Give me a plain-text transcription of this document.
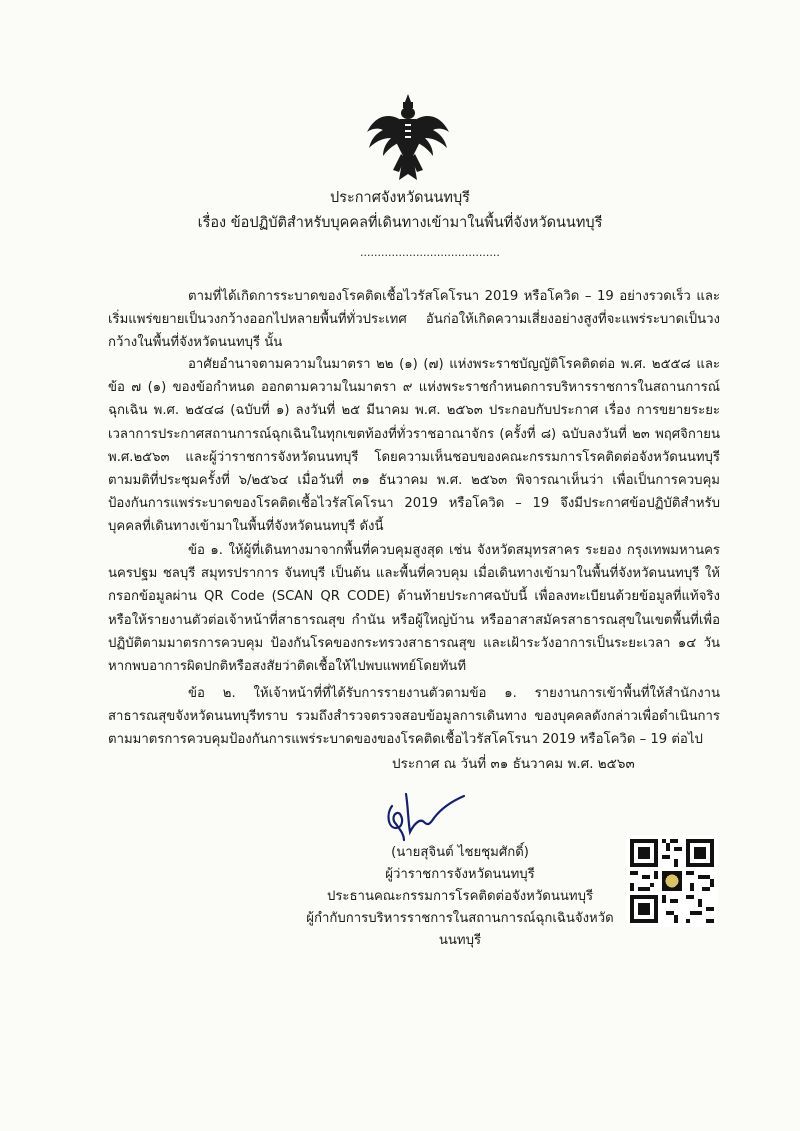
ประกาศจังหวัดนนทบุรี
เรื่อง ข้อปฏิบัติสำหรับบุคคลที่เดินทางเข้ามาในพื้นที่จังหวัดนนทบุรี
........................................
ตามที่ได้เกิดการระบาดของโรคติดเชื้อไวรัสโคโรนา 2019 หรือโควิด – 19 อย่างรวดเร็ว และเริ่มแพร่ขยายเป็นวงกว้างออกไปหลายพื้นที่ทั่วประเทศ อันก่อให้เกิดความเสี่ยงอย่างสูงที่จะแพร่ระบาดเป็นวงกว้างในพื้นที่จังหวัดนนทบุรี นั้น
อาศัยอำนาจตามความในมาตรา ๒๒ (๑) (๗) แห่งพระราชบัญญัติโรคติดต่อ พ.ศ. ๒๕๕๘ และข้อ ๗ (๑) ของข้อกำหนด ออกตามความในมาตรา ๙ แห่งพระราชกำหนดการบริหารราชการในสถานการณ์ฉุกเฉิน พ.ศ. ๒๕๔๘ (ฉบับที่ ๑) ลงวันที่ ๒๕ มีนาคม พ.ศ. ๒๕๖๓ ประกอบกับประกาศ เรื่อง การขยายระยะเวลาการประกาศสถานการณ์ฉุกเฉินในทุกเขตท้องที่ทั่วราชอาณาจักร (ครั้งที่ ๘) ฉบับลงวันที่ ๒๓ พฤศจิกายน พ.ศ.๒๕๖๓ และผู้ว่าราชการจังหวัดนนทบุรี โดยความเห็นชอบของคณะกรรมการโรคติดต่อจังหวัดนนทบุรี ตามมติที่ประชุมครั้งที่ ๖/๒๕๖๔ เมื่อวันที่ ๓๑ ธันวาคม พ.ศ. ๒๕๖๓ พิจารณาเห็นว่า เพื่อเป็นการควบคุมป้องกันการแพร่ระบาดของโรคติดเชื้อไวรัสโคโรนา 2019 หรือโควิด – 19 จึงมีประกาศข้อปฏิบัติสำหรับบุคคลที่เดินทางเข้ามาในพื้นที่จังหวัดนนทบุรี ดังนี้
ข้อ ๑. ให้ผู้ที่เดินทางมาจากพื้นที่ควบคุมสูงสุด เช่น จังหวัดสมุทรสาคร ระยอง กรุงเทพมหานคร นครปฐม ชลบุรี สมุทรปราการ จันทบุรี เป็นต้น และพื้นที่ควบคุม เมื่อเดินทางเข้ามาในพื้นที่จังหวัดนนทบุรี ให้กรอกข้อมูลผ่าน QR Code (SCAN QR CODE) ด้านท้ายประกาศฉบับนี้ เพื่อลงทะเบียนด้วยข้อมูลที่แท้จริง หรือให้รายงานตัวต่อเจ้าหน้าที่สาธารณสุข กำนัน หรือผู้ใหญ่บ้าน หรืออาสาสมัครสาธารณสุขในเขตพื้นที่เพื่อปฏิบัติตามมาตรการควบคุม ป้องกันโรคของกระทรวงสาธารณสุข และเฝ้าระวังอาการเป็นระยะเวลา ๑๔ วัน หากพบอาการผิดปกติหรือสงสัยว่าติดเชื้อให้ไปพบแพทย์โดยทันที
ข้อ ๒. ให้เจ้าหน้าที่ที่ได้รับการรายงานตัวตามข้อ ๑. รายงานการเข้าพื้นที่ให้สำนักงานสาธารณสุขจังหวัดนนทบุรีทราบ รวมถึงสำรวจตรวจสอบข้อมูลการเดินทาง ของบุคคลดังกล่าวเพื่อดำเนินการตามมาตรการควบคุมป้องกันการแพร่ระบาดของของโรคติดเชื้อไวรัสโคโรนา 2019 หรือโควิด – 19 ต่อไป
ประกาศ ณ วันที่ ๓๑ ธันวาคม พ.ศ. ๒๕๖๓
(นายสุจินต์ ไชยชุมศักดิ์)
ผู้ว่าราชการจังหวัดนนทบุรี
ประธานคณะกรรมการโรคติดต่อจังหวัดนนทบุรี
ผู้กำกับการบริหารราชการในสถานการณ์ฉุกเฉินจังหวัดนนทบุรี
